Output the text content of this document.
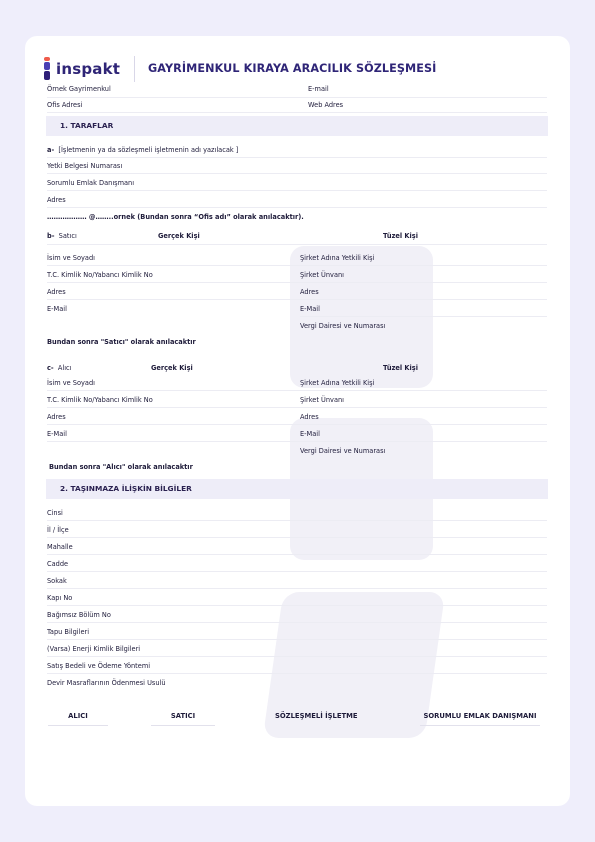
inspakt GAYRİMENKUL KIRAYA ARACILIK SÖZLEŞMESİ
Örnek Gayrimenkul	E-mail
Ofis Adresi	Web Adres
1. TARAFLAR
a- [İşletmenin ya da sözleşmeli işletmenin adı yazılacak ]
Yetki Belgesi Numarası
Sorumlu Emlak Danışmanı
Adres
……………… @……..ornek (Bundan sonra “Ofis adı” olarak anılacaktır).
b- Satıcı	Gerçek Kişi	Tüzel Kişi
İsim ve Soyadı	Şirket Adına Yetkili Kişi
T.C. Kimlik No/Yabancı Kimlik No	Şirket Ünvanı
Adres	Adres
E-Mail	E-Mail
Vergi Dairesi ve Numarası
Bundan sonra "Satıcı" olarak anılacaktır
c- Alıcı	Gerçek Kişi	Tüzel Kişi
İsim ve Soyadı	Şirket Adına Yetkili Kişi
T.C. Kimlik No/Yabancı Kimlik No	Şirket Ünvanı
Adres	Adres
E-Mail	E-Mail
Vergi Dairesi ve Numarası
Bundan sonra "Alıcı" olarak anılacaktır
2. TAŞINMAZA İLİŞKİN BİLGİLER
Cinsi
İl / İlçe
Mahalle
Cadde
Sokak
Kapı No
Bağımsız Bölüm No
Tapu Bilgileri
(Varsa) Enerji Kimlik Bilgileri
Satış Bedeli ve Ödeme Yöntemi
Devir Masraflarının Ödenmesi Usulü
ALICI	SATICI	SÖZLEŞMELİ İŞLETME	SORUMLU EMLAK DANIŞMANI
